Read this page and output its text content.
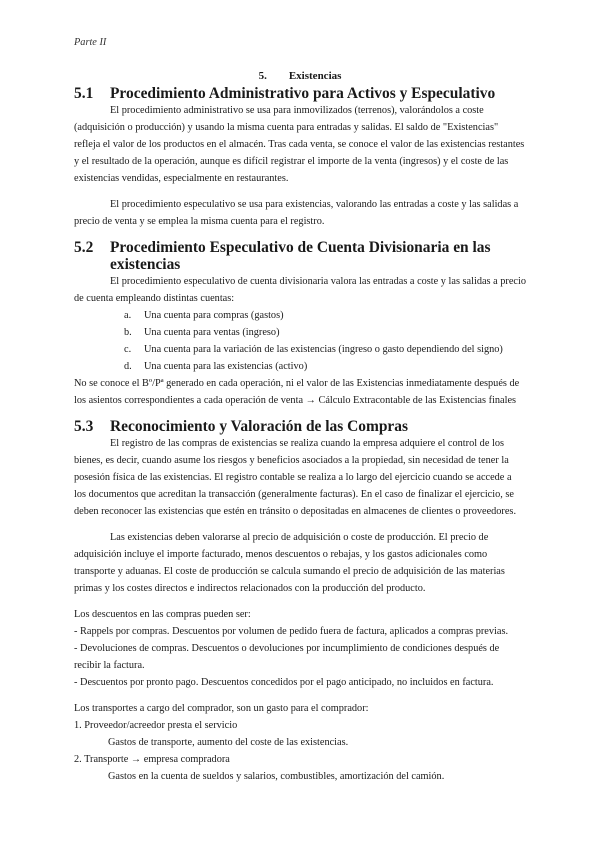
Parte II
5. Existencias
5.1	Procedimiento Administrativo para Activos y Especulativo

El procedimiento administrativo se usa para inmovilizados (terrenos), valorándolos a coste (adquisición o producción) y usando la misma cuenta para entradas y salidas. El saldo de "Existencias" refleja el valor de los productos en el almacén. Tras cada venta, se conoce el valor de las existencias restantes y el resultado de la operación, aunque es difícil registrar el importe de la venta (ingresos) y el coste de las existencias vendidas, especialmente en restaurantes.

El procedimiento especulativo se usa para existencias, valorando las entradas a coste y las salidas a precio de venta y se emplea la misma cuenta para el registro.

5.2	Procedimiento Especulativo de Cuenta Divisionaria en las existencias

El procedimiento especulativo de cuenta divisionaria valora las entradas a coste y las salidas a precio de cuenta empleando distintas cuentas:

a.	Una cuenta para compras (gastos)
b.	Una cuenta para ventas (ingreso)
c.	Una cuenta para la variación de las existencias (ingreso o gasto dependiendo del signo)
d.	Una cuenta para las existencias (activo)

No se conoce el Bº/Pª generado en cada operación, ni el valor de las Existencias inmediatamente después de los asientos correspondientes a cada operación de venta → Cálculo Extracontable de las Existencias finales

5.3	Reconocimiento y Valoración de las Compras

El registro de las compras de existencias se realiza cuando la empresa adquiere el control de los bienes, es decir, cuando asume los riesgos y beneficios asociados a la propiedad, sin necesidad de tener la posesión física de las existencias. El registro contable se realiza a lo largo del ejercicio cuando se accede a los documentos que acreditan la transacción (generalmente facturas). En el caso de finalizar el ejercicio, se deben reconocer las existencias que estén en tránsito o depositadas en almacenes de clientes o proveedores.

Las existencias deben valorarse al precio de adquisición o coste de producción. El precio de adquisición incluye el importe facturado, menos descuentos o rebajas, y los gastos adicionales como transporte y aduanas. El coste de producción se calcula sumando el precio de adquisición de las materias primas y los costes directos e indirectos relacionados con la producción del producto.

Los descuentos en las compras pueden ser:

- Rappels por compras. Descuentos por volumen de pedido fuera de factura, aplicados a compras previas.

- Devoluciones de compras. Descuentos o devoluciones por incumplimiento de condiciones después de recibir la factura.

- Descuentos por pronto pago. Descuentos concedidos por el pago anticipado, no incluidos en factura.

Los transportes a cargo del comprador, son un gasto para el comprador:

1. Proveedor/acreedor presta el servicio

Gastos de transporte, aumento del coste de las existencias.

2. Transporte → empresa compradora

Gastos en la cuenta de sueldos y salarios, combustibles, amortización del camión.
